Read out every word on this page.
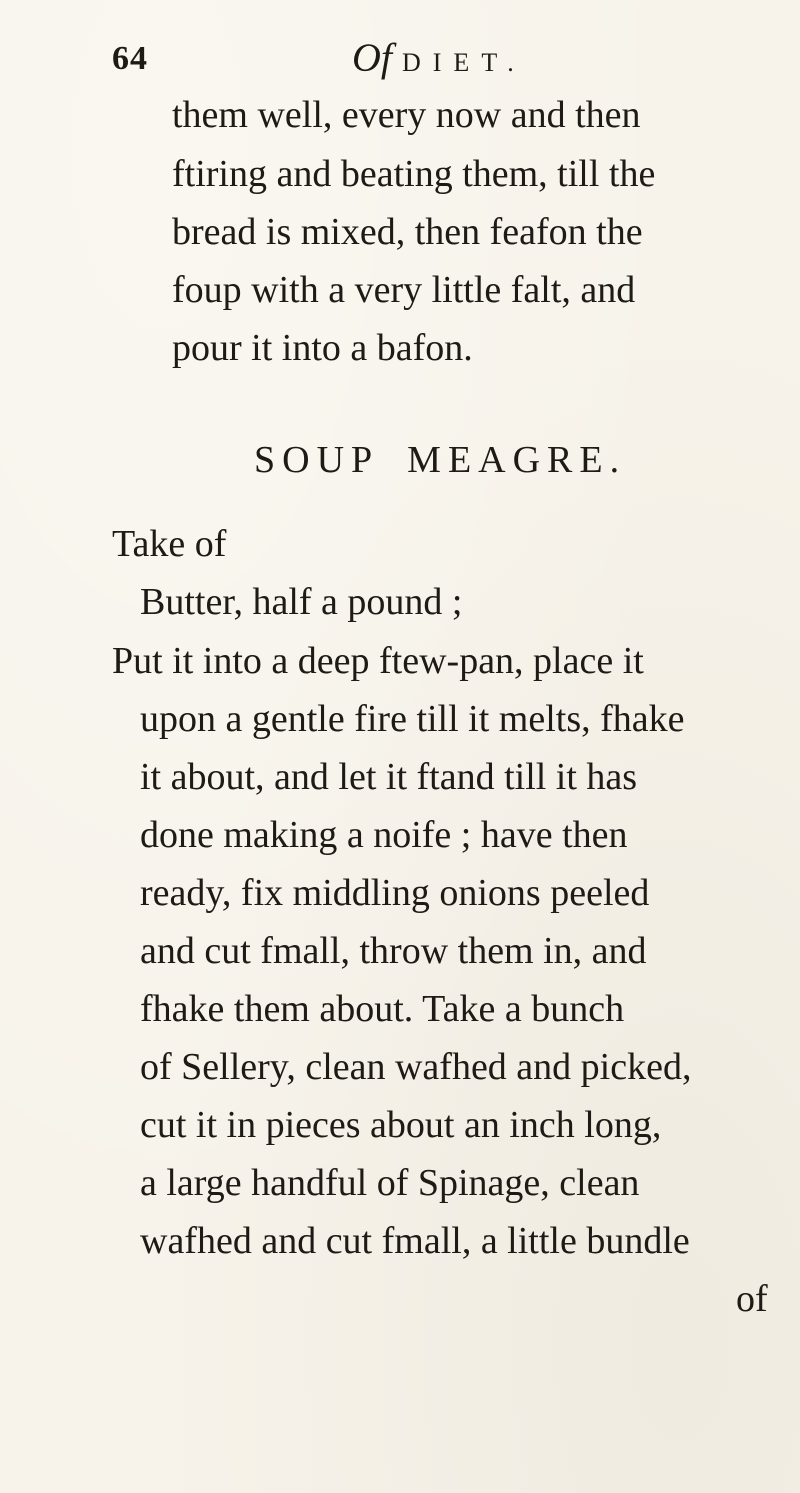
64	Of DIET.
them well, every now and then
ftiring and beating them, till the
bread is mixed, then feafon the
foup with a very little falt, and
pour it into a bafon.
SOUP MEAGRE.
Take of
Butter, half a pound ;
Put it into a deep ftew-pan, place it
upon a gentle fire till it melts, fhake
it about, and let it ftand till it has
done making a noife ; have then
ready, fix middling onions peeled
and cut fmall, throw them in, and
fhake them about. Take a bunch
of Sellery, clean wafhed and picked,
cut it in pieces about an inch long,
a large handful of Spinage, clean
wafhed and cut fmall, a little bundle
of
